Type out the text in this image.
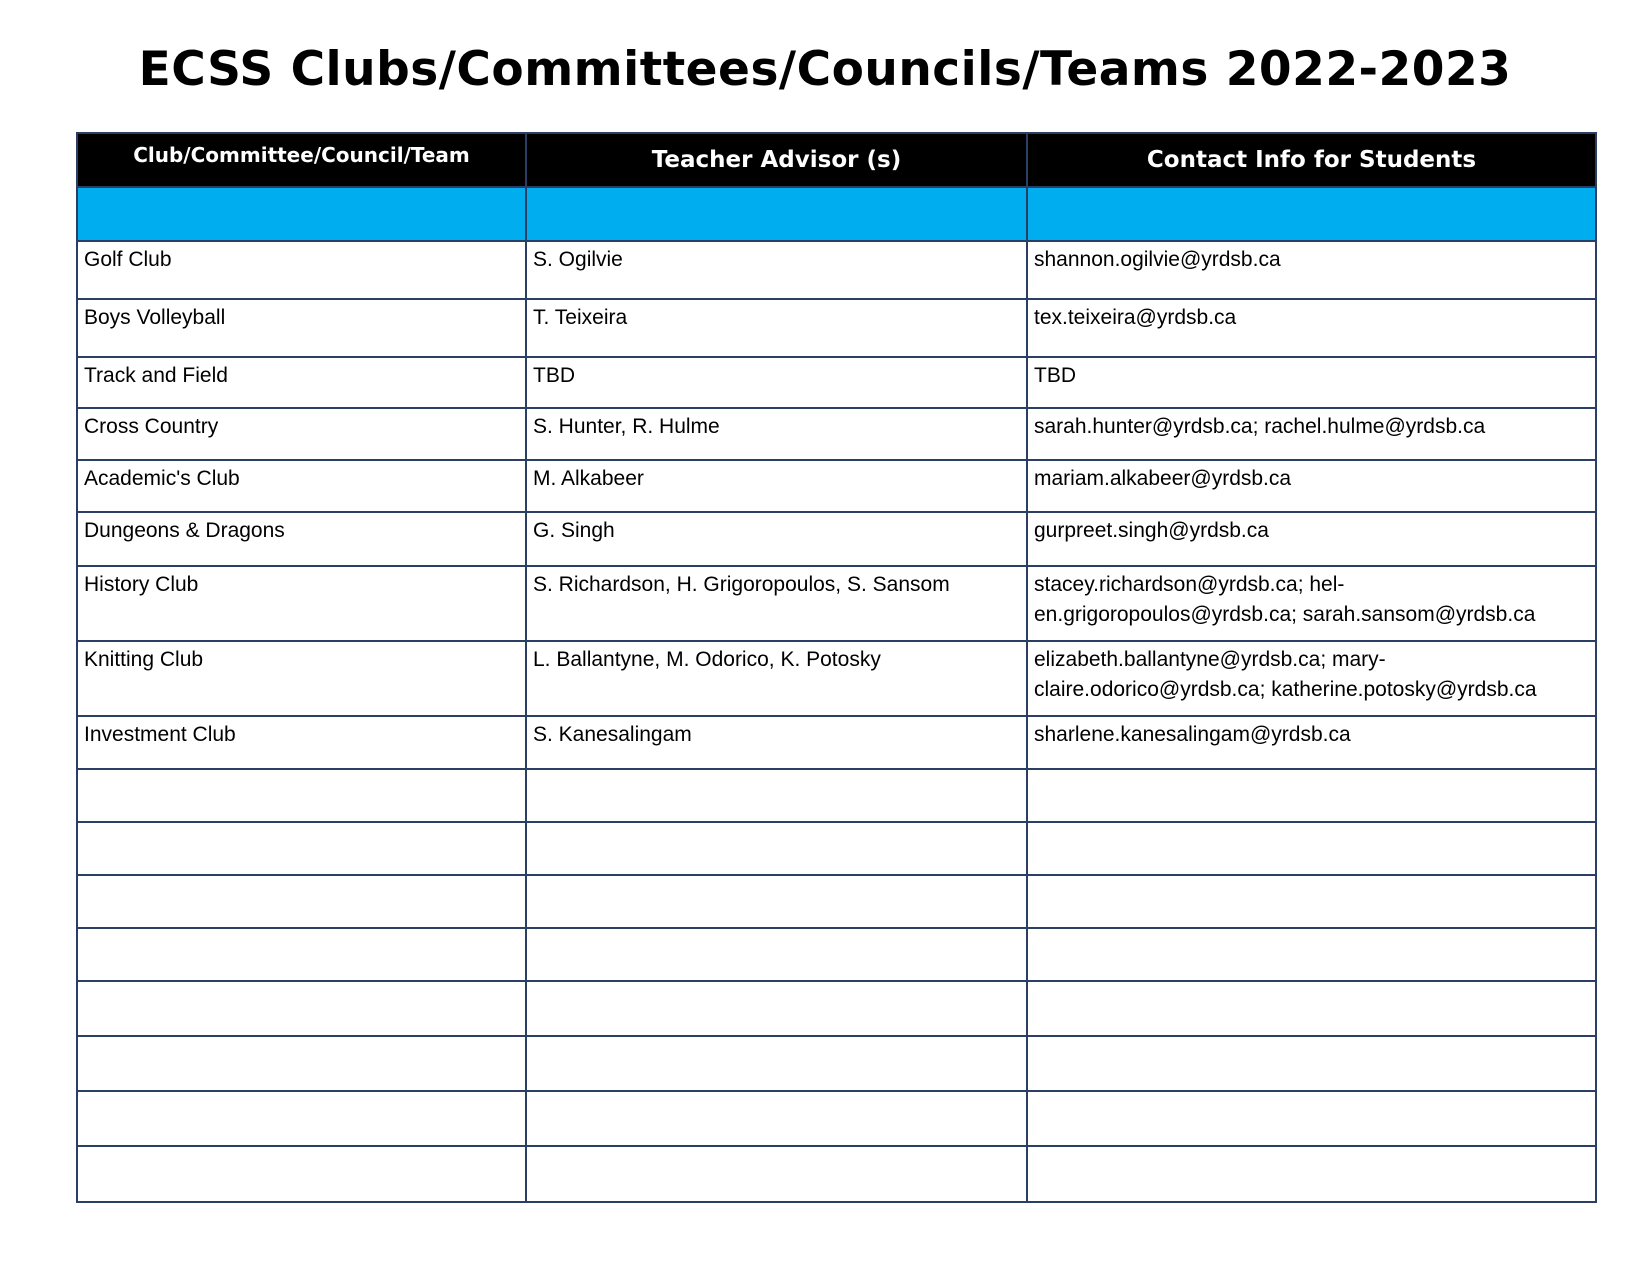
ECSS Clubs/Committees/Councils/Teams 2022-2023
Club/Committee/Council/Team	Teacher Advisor (s)	Contact Info for Students

Golf Club	S. Ogilvie	shannon.ogilvie@yrdsb.ca
Boys Volleyball	T. Teixeira	tex.teixeira@yrdsb.ca
Track and Field	TBD	TBD
Cross Country	S. Hunter, R. Hulme	sarah.hunter@yrdsb.ca; rachel.hulme@yrdsb.ca
Academic's Club	M. Alkabeer	mariam.alkabeer@yrdsb.ca
Dungeons & Dragons	G. Singh	gurpreet.singh@yrdsb.ca
History Club	S. Richardson, H. Grigoropoulos, S. Sansom	stacey.richardson@yrdsb.ca; helen.grigoropoulos@yrdsb.ca; sarah.sansom@yrdsb.ca
Knitting Club	L. Ballantyne, M. Odorico, K. Potosky	elizabeth.ballantyne@yrdsb.ca; maryclaire.odorico@yrdsb.ca; katherine.potosky@yrdsb.ca
Investment Club	S. Kanesalingam	sharlene.kanesalingam@yrdsb.ca
